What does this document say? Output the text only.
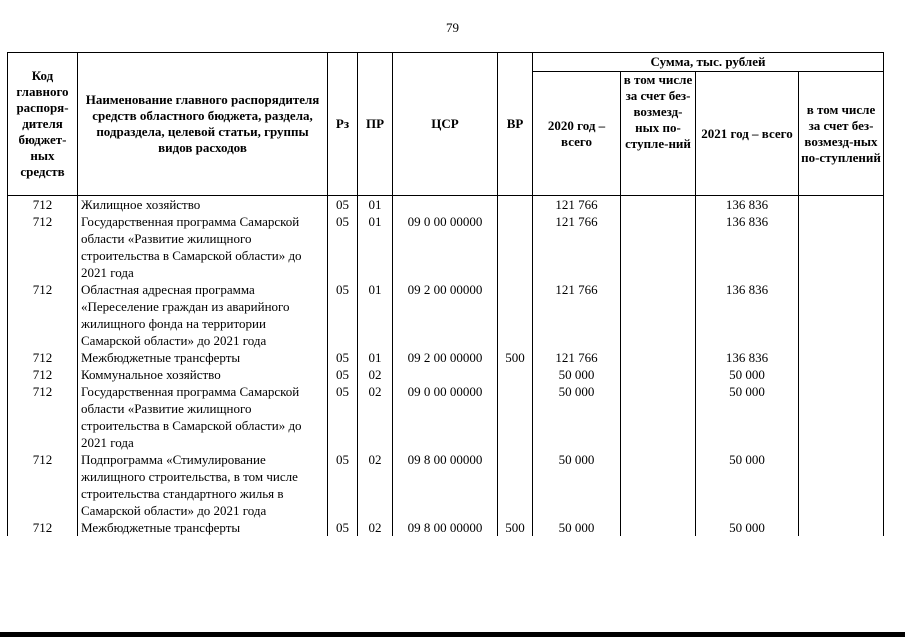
79
Код главного распоря-дителя бюджет-ных средств	Наименование главного распорядителя средств областного бюджета, раздела, подраздела, целевой статьи, группы видов расходов	Рз	ПР	ЦСР	ВР	Сумма, тыс. рублей			
						2020 год – всего	в том числе за счет без-возмезд-ных по-ступле-ний	2021 год – всего	в том числе за счет без-возмезд-ных по-ступлений
712	Жилищное хозяйство	05	01			121 766		136 836	
712	Государственная программа Самарской области «Развитие жилищного строительства в Самарской области» до 2021 года	05	01	09 0 00 00000		121 766		136 836	
712	Областная адресная программа «Переселение граждан из аварийного жилищного фонда на территории Самарской области» до 2021 года	05	01	09 2 00 00000		121 766		136 836	
712	Межбюджетные трансферты	05	01	09 2 00 00000	500	121 766		136 836	
712	Коммунальное хозяйство	05	02			50 000		50 000	
712	Государственная программа Самарской области «Развитие жилищного строительства в Самарской области» до 2021 года	05	02	09 0 00 00000		50 000		50 000	
712	Подпрограмма «Стимулирование жилищного строительства, в том числе строительства стандартного жилья в Самарской области» до 2021 года	05	02	09 8 00 00000		50 000		50 000	
712	Межбюджетные трансферты	05	02	09 8 00 00000	500	50 000		50 000	
